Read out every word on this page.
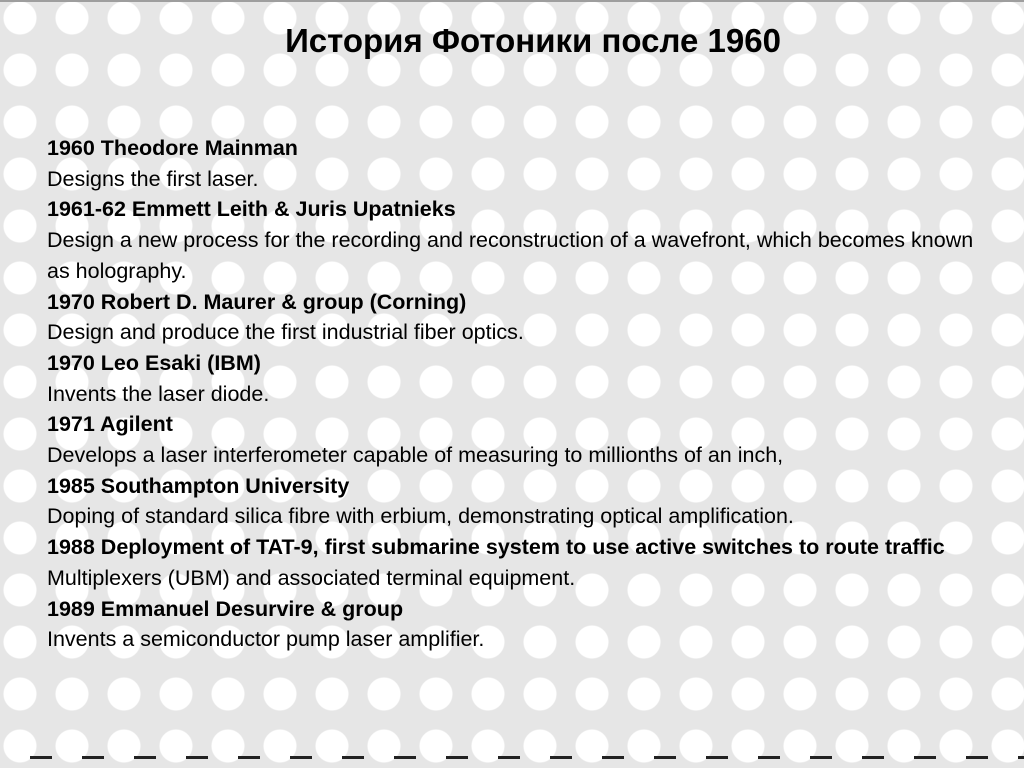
История Фотоники после 1960
1960 Theodore Mainman
Designs the first laser.
1961-62 Emmett Leith & Juris Upatnieks
Design a new process for the recording and reconstruction of a wavefront, which becomes known as holography.
1970 Robert D. Maurer & group (Corning)
Design and produce the first industrial fiber optics.
1970 Leo Esaki (IBM)
Invents the laser diode.
1971 Agilent
Develops a laser interferometer capable of measuring to millionths of an inch,
1985 Southampton University
Doping of standard silica fibre with erbium, demonstrating optical amplification.
1988 Deployment of TAT-9, first submarine system to use active switches to route traffic
Multiplexers (UBM) and associated terminal equipment.
1989 Emmanuel Desurvire & group
Invents a semiconductor pump laser amplifier.
